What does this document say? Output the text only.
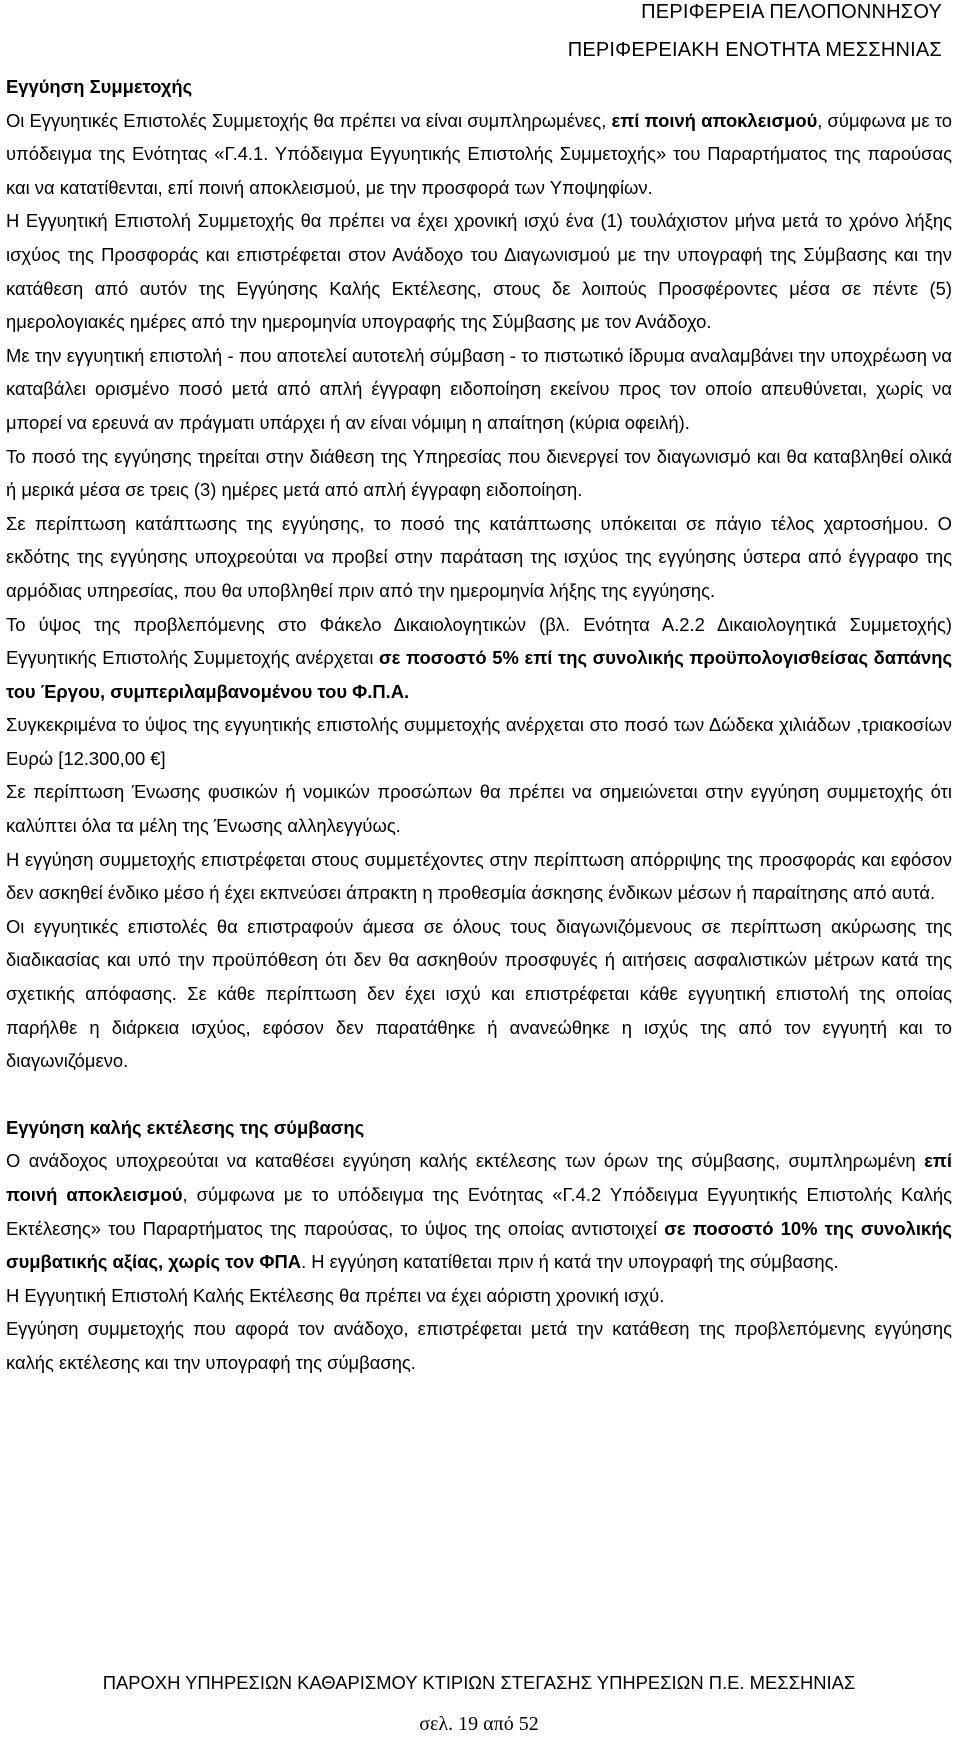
ΠΕΡΙΦΕΡΕΙΑ ΠΕΛΟΠΟΝΝΗΣΟΥ
ΠΕΡΙΦΕΡΕΙΑΚΗ ΕΝΟΤΗΤΑ ΜΕΣΣΗΝΙΑΣ

Εγγύηση Συμμετοχής

Οι Εγγυητικές Επιστολές Συμμετοχής θα πρέπει να είναι συμπληρωμένες, επί ποινή αποκλεισμού, σύμφωνα με το υπόδειγμα της Ενότητας «Γ.4.1. Υπόδειγμα Εγγυητικής Επιστολής Συμμετοχής» του Παραρτήματος της παρούσας και να κατατίθενται, επί ποινή αποκλεισμού, με την προσφορά των Υποψηφίων.

Η Εγγυητική Επιστολή Συμμετοχής θα πρέπει να έχει χρονική ισχύ ένα (1) τουλάχιστον μήνα μετά το χρόνο λήξης ισχύος της Προσφοράς και επιστρέφεται στον Ανάδοχο του Διαγωνισμού με την υπογραφή της Σύμβασης και την κατάθεση από αυτόν της Εγγύησης Καλής Εκτέλεσης, στους δε λοιπούς Προσφέροντες μέσα σε πέντε (5) ημερολογιακές ημέρες από την ημερομηνία υπογραφής της Σύμβασης με τον Ανάδοχο.

Με την εγγυητική επιστολή - που αποτελεί αυτοτελή σύμβαση - το πιστωτικό ίδρυμα αναλαμβάνει την υποχρέωση να καταβάλει ορισμένο ποσό μετά από απλή έγγραφη ειδοποίηση εκείνου προς τον οποίο απευθύνεται, χωρίς να μπορεί να ερευνά αν πράγματι υπάρχει ή αν είναι νόμιμη η απαίτηση (κύρια οφειλή).

Το ποσό της εγγύησης τηρείται στην διάθεση της Υπηρεσίας που διενεργεί τον διαγωνισμό και θα καταβληθεί ολικά ή μερικά μέσα σε τρεις (3) ημέρες μετά από απλή έγγραφη ειδοποίηση.

Σε περίπτωση κατάπτωσης της εγγύησης, το ποσό της κατάπτωσης υπόκειται σε πάγιο τέλος χαρτοσήμου. Ο εκδότης της εγγύησης υποχρεούται να προβεί στην παράταση της ισχύος της εγγύησης ύστερα από έγγραφο της αρμόδιας υπηρεσίας, που θα υποβληθεί πριν από την ημερομηνία λήξης της εγγύησης.

Το ύψος της προβλεπόμενης στο Φάκελο Δικαιολογητικών (βλ. Ενότητα Α.2.2 Δικαιολογητικά Συμμετοχής) Εγγυητικής Επιστολής Συμμετοχής ανέρχεται σε ποσοστό 5% επί της συνολικής προϋπολογισθείσας δαπάνης του Έργου, συμπεριλαμβανομένου του Φ.Π.Α.

Συγκεκριμένα το ύψος της εγγυητικής επιστολής συμμετοχής ανέρχεται στο ποσό των Δώδεκα χιλιάδων ,τριακοσίων Ευρώ [12.300,00 €]

Σε περίπτωση Ένωσης φυσικών ή νομικών προσώπων θα πρέπει να σημειώνεται στην εγγύηση συμμετοχής ότι καλύπτει όλα τα μέλη της Ένωσης αλληλεγγύως.

Η εγγύηση συμμετοχής επιστρέφεται στους συμμετέχοντες στην περίπτωση απόρριψης της προσφοράς και εφόσον δεν ασκηθεί ένδικο μέσο ή έχει εκπνεύσει άπρακτη η προθεσμία άσκησης ένδικων μέσων ή παραίτησης από αυτά.

Οι εγγυητικές επιστολές θα επιστραφούν άμεσα σε όλους τους διαγωνιζόμενους σε περίπτωση ακύρωσης της διαδικασίας και υπό την προϋπόθεση ότι δεν θα ασκηθούν προσφυγές ή αιτήσεις ασφαλιστικών μέτρων κατά της σχετικής απόφασης. Σε κάθε περίπτωση δεν έχει ισχύ και επιστρέφεται κάθε εγγυητική επιστολή της οποίας παρήλθε η διάρκεια ισχύος, εφόσον δεν παρατάθηκε ή ανανεώθηκε η ισχύς της από τον εγγυητή και το διαγωνιζόμενο.

Εγγύηση καλής εκτέλεσης της σύμβασης

Ο ανάδοχος υποχρεούται να καταθέσει εγγύηση καλής εκτέλεσης των όρων της σύμβασης, συμπληρωμένη επί ποινή αποκλεισμού, σύμφωνα με το υπόδειγμα της Ενότητας «Γ.4.2 Υπόδειγμα Εγγυητικής Επιστολής Καλής Εκτέλεσης» του Παραρτήματος της παρούσας, το ύψος της οποίας αντιστοιχεί σε ποσοστό 10% της συνολικής συμβατικής αξίας, χωρίς τον ΦΠΑ. Η εγγύηση κατατίθεται πριν ή κατά την υπογραφή της σύμβασης.

Η Εγγυητική Επιστολή Καλής Εκτέλεσης θα πρέπει να έχει αόριστη χρονική ισχύ.

Εγγύηση συμμετοχής που αφορά τον ανάδοχο, επιστρέφεται μετά την κατάθεση της προβλεπόμενης εγγύησης καλής εκτέλεσης και την υπογραφή της σύμβασης.

ΠΑΡΟΧΗ ΥΠΗΡΕΣΙΩΝ ΚΑΘΑΡΙΣΜΟΥ ΚΤΙΡΙΩΝ ΣΤΕΓΑΣΗΣ ΥΠΗΡΕΣΙΩΝ Π.Ε. ΜΕΣΣΗΝΙΑΣ
σελ. 19 από 52
